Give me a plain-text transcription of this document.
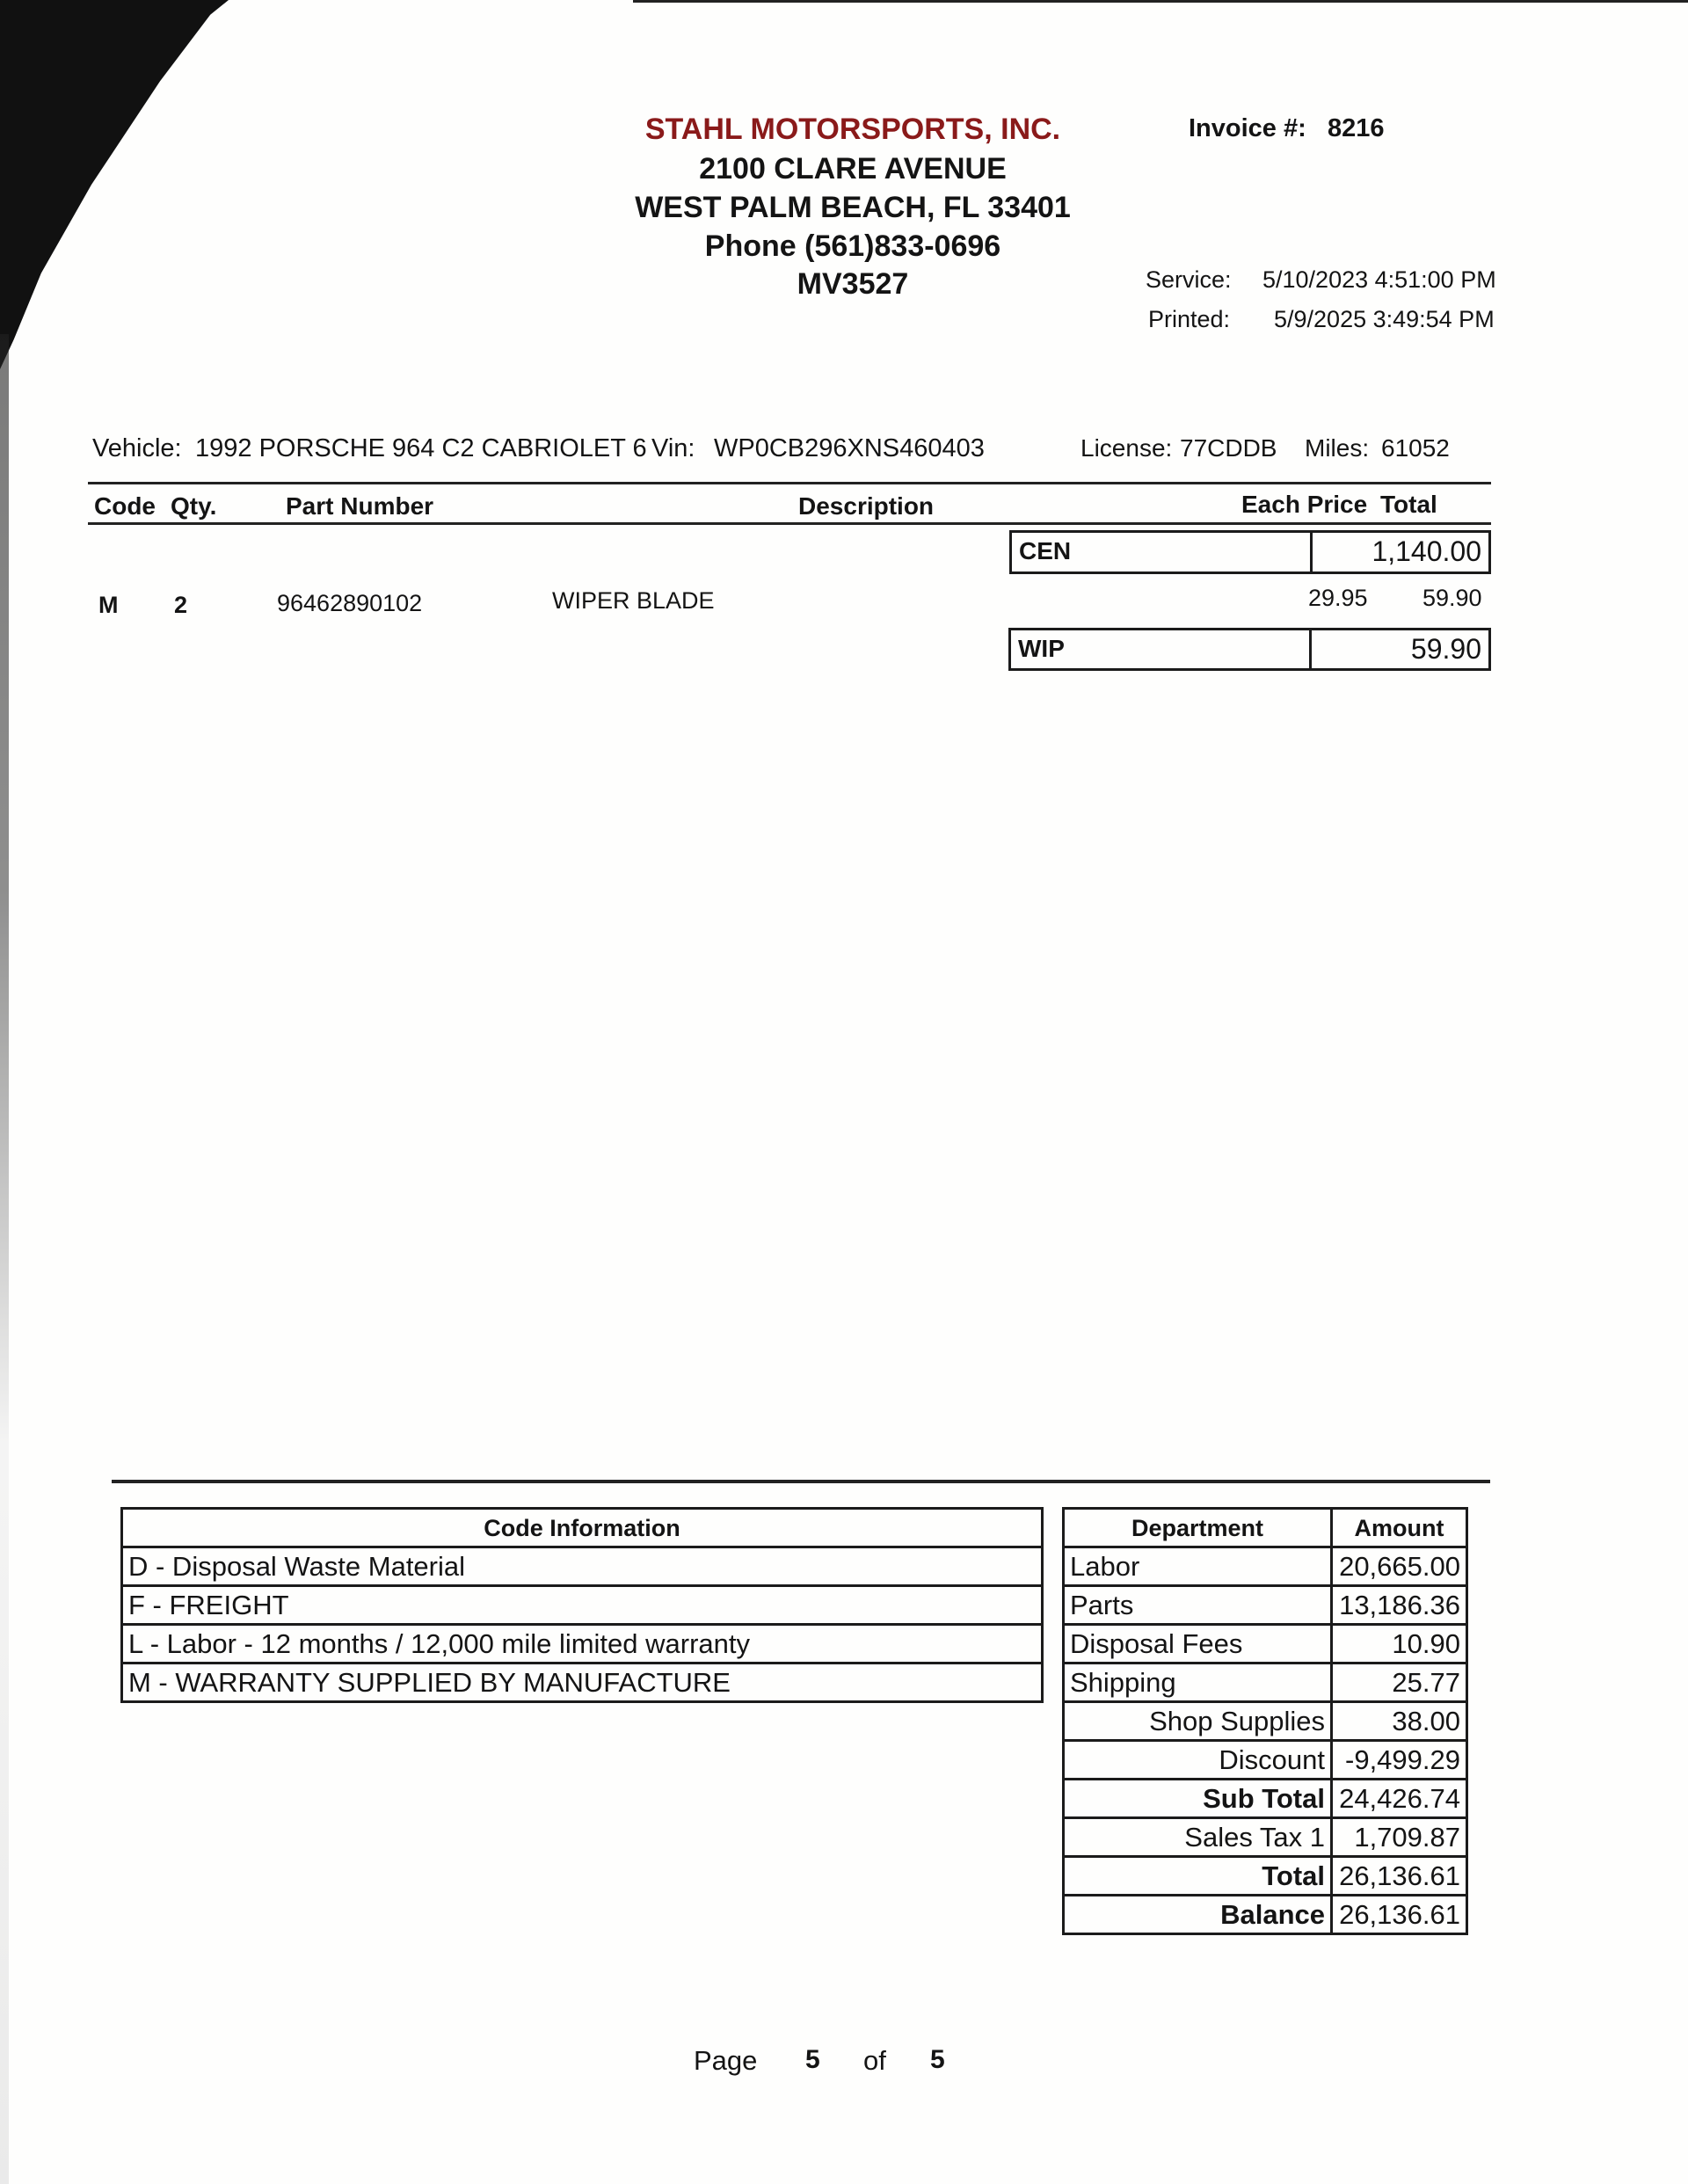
STAHL MOTORSPORTS, INC.
2100 CLARE AVENUE
WEST PALM BEACH, FL 33401
Phone (561)833-0696
MV3527
Invoice #: 8216
Service: 5/10/2023 4:51:00 PM
Printed: 5/9/2025 3:49:54 PM
Vehicle: 1992 PORSCHE 964 C2 CABRIOLET 6 Vin: WP0CB296XNS460403	License: 77CDDB Miles: 61052
Code Qty.	Part Number	Description	Each Price Total
CEN	1,140.00
M 2	96462890102	WIPER BLADE	29.95 59.90
WIP	59.90
Code Information
D - Disposal Waste Material
F - FREIGHT
L - Labor - 12 months / 12,000 mile limited warranty
M - WARRANTY SUPPLIED BY MANUFACTURE
Department	Amount
Labor	20,665.00
Parts	13,186.36
Disposal Fees	10.90
Shipping	25.77
Shop Supplies	38.00
Discount	-9,499.29
Sub Total	24,426.74
Sales Tax 1	1,709.87
Total	26,136.61
Balance	26,136.61
Page 5 of 5
